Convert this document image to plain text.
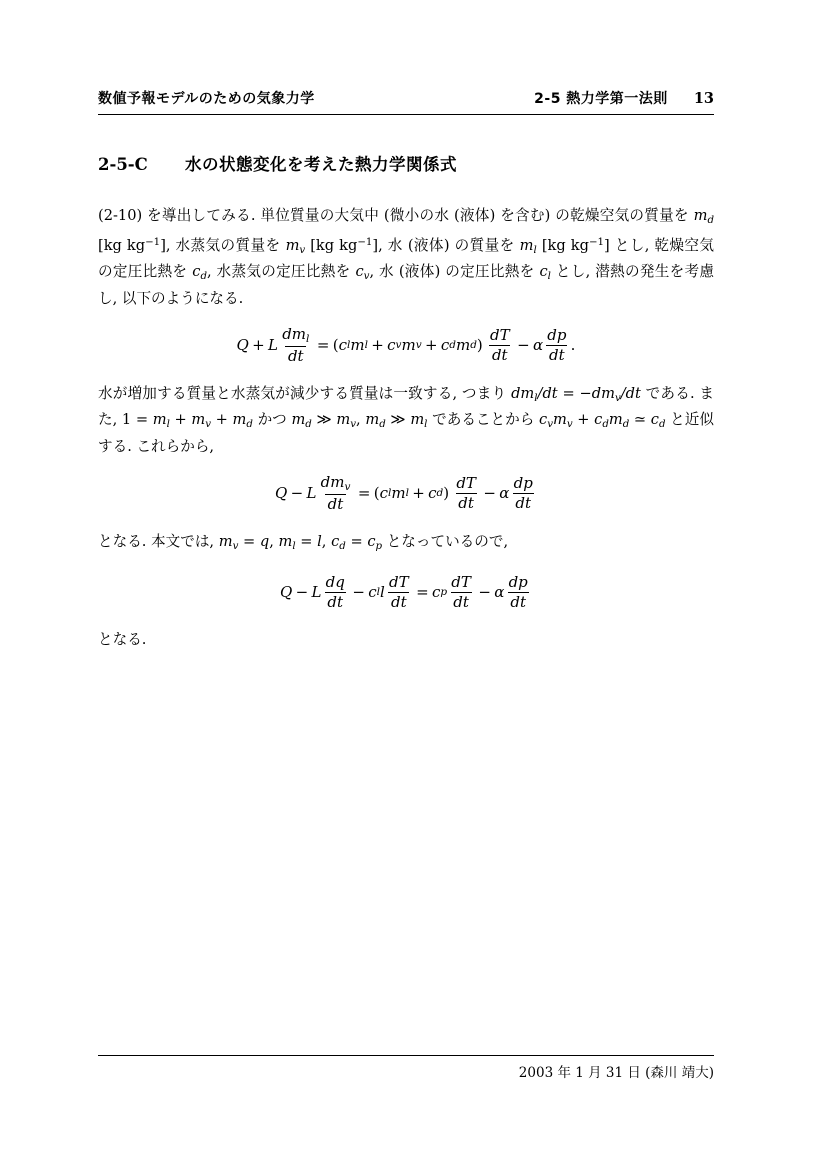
数値予報モデルのための気象力学	2-5 熱力学第一法則 13
2-5-C	水の状態変化を考えた熱力学関係式

(2-10) を導出してみる. 単位質量の大気中 (微小の水 (液体) を含む) の乾燥空気の質量を md [kg $kg^{-1}$], 水蒸気の質量を mv [kg $kg^{-1}$], 水 (液体) の質量を ml [kg $kg^{-1}$] とし, 乾燥空気の定圧比熱を cd, 水蒸気の定圧比熱を cv, 水 (液体) の定圧比熱を cl とし, 潜熱の発生を考慮し, 以下のようになる.

Q + L $\frac{\text{dml}}{dt}$ = ( c l m l + c v m v + c d m d )  $\frac{dT}{dt} - \alpha \frac{dp}{dt}$ .

水が増加する質量と水蒸気が減少する質量は一致する, つまり dml/dt = −dmv/dt である. また, 1 = ml + mv + md かつ md ≫ mv, md ≫ ml であることから cvmv + cdmd ≃ cd と近似する. これらから,

Q − L $\frac{\text{dmv}}{dt}$ = ( c l m l + c d )  $\frac{dT}{dt} - \alpha \frac{dp}{dt}$

となる. 本文では, mv = q, ml = l, cd = cp となっているので,

Q − L $\frac{dq}{dt} - c$ l l $\frac{dT}{dt} = c$ p $\frac{dT}{dt} - \alpha \frac{dp}{dt}$

となる.

2003 年 1 月 31 日 (森川 靖大)
